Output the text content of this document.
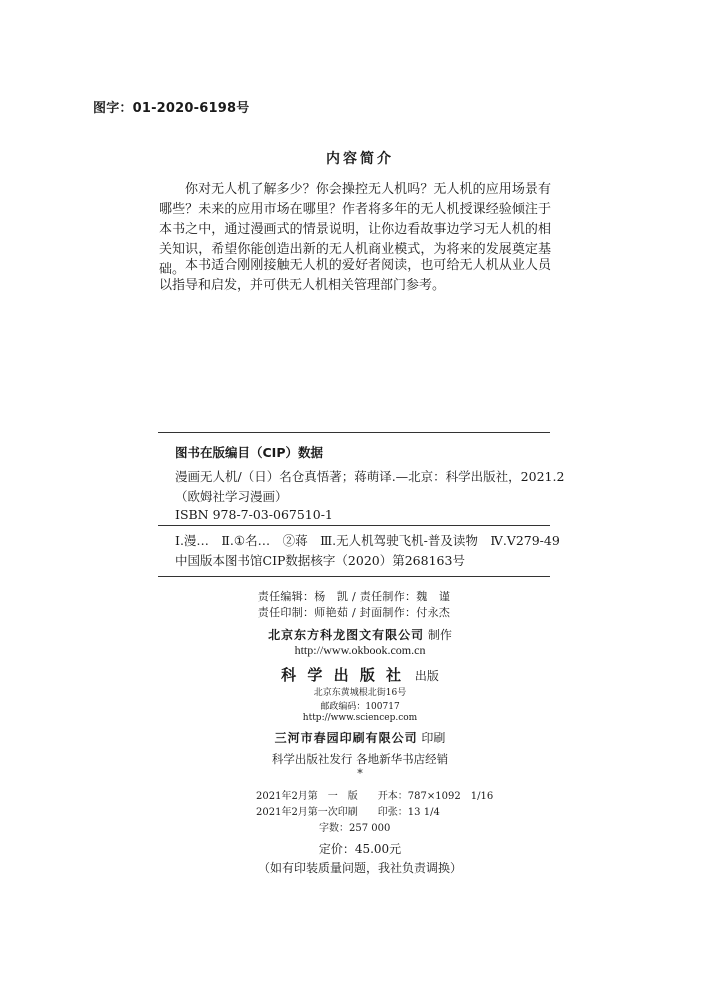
图字：01-2020-6198号
内容简介
你对无人机了解多少？你会操控无人机吗？无人机的应用场景有哪些？未来的应用市场在哪里？作者将多年的无人机授课经验倾注于本书之中，通过漫画式的情景说明，让你边看故事边学习无人机的相关知识，希望你能创造出新的无人机商业模式，为将来的发展奠定基础。 本书适合刚刚接触无人机的爱好者阅读，也可给无人机从业人员以指导和启发，并可供无人机相关管理部门参考。
图书在版编目（CIP）数据
漫画无人机/（日）名仓真悟著；蒋萌译.—北京：科学出版社，2021.2
（欧姆社学习漫画）
ISBN 978-7-03-067510-1
Ⅰ.漫…　Ⅱ.①名…　②蒋　Ⅲ.无人机驾驶飞机-普及读物　Ⅳ.V279-49
中国版本图书馆CIP数据核字（2020）第268163号
责任编辑：杨　凯 / 责任制作：魏　谨
责任印制：师艳茹 / 封面制作：付永杰
北京东方科龙图文有限公司 制作
http://www.okbook.com.cn
科 学 出 版 社 出版
北京东黄城根北街16号
邮政编码：100717
http://www.sciencep.com
三河市春园印刷有限公司 印刷
科学出版社发行 各地新华书店经销
*
2021年2月第　一　版　　开本：787×1092　1/16
2021年2月第一次印刷　　印张：13 1/4
字数：257 000
定价：45.00元
（如有印装质量问题，我社负责调换）
